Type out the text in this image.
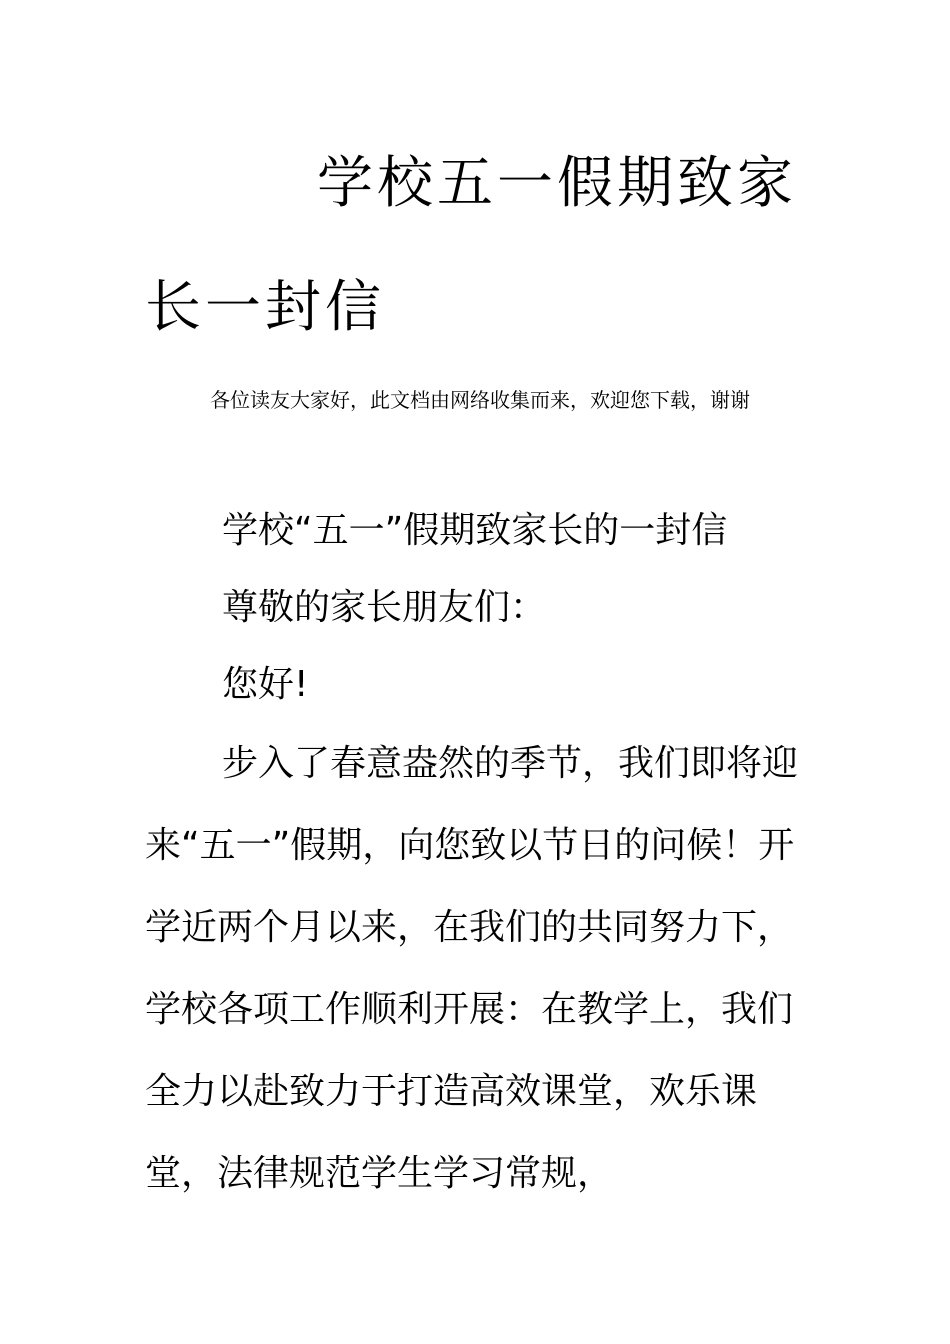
学校五一假期致家长一封信

各位读友大家好，此文档由网络收集而来，欢迎您下载，谢谢

学校“五一”假期致家长的一封信

尊敬的家长朋友们：

您好!

步入了春意盎然的季节，我们即将迎来“五一”假期，向您致以节日的问候！开学近两个月以来，在我们的共同努力下，学校各项工作顺利开展：在教学上，我们全力以赴致力于打造高效课堂，欢乐课堂，法律规范学生学习常规，
